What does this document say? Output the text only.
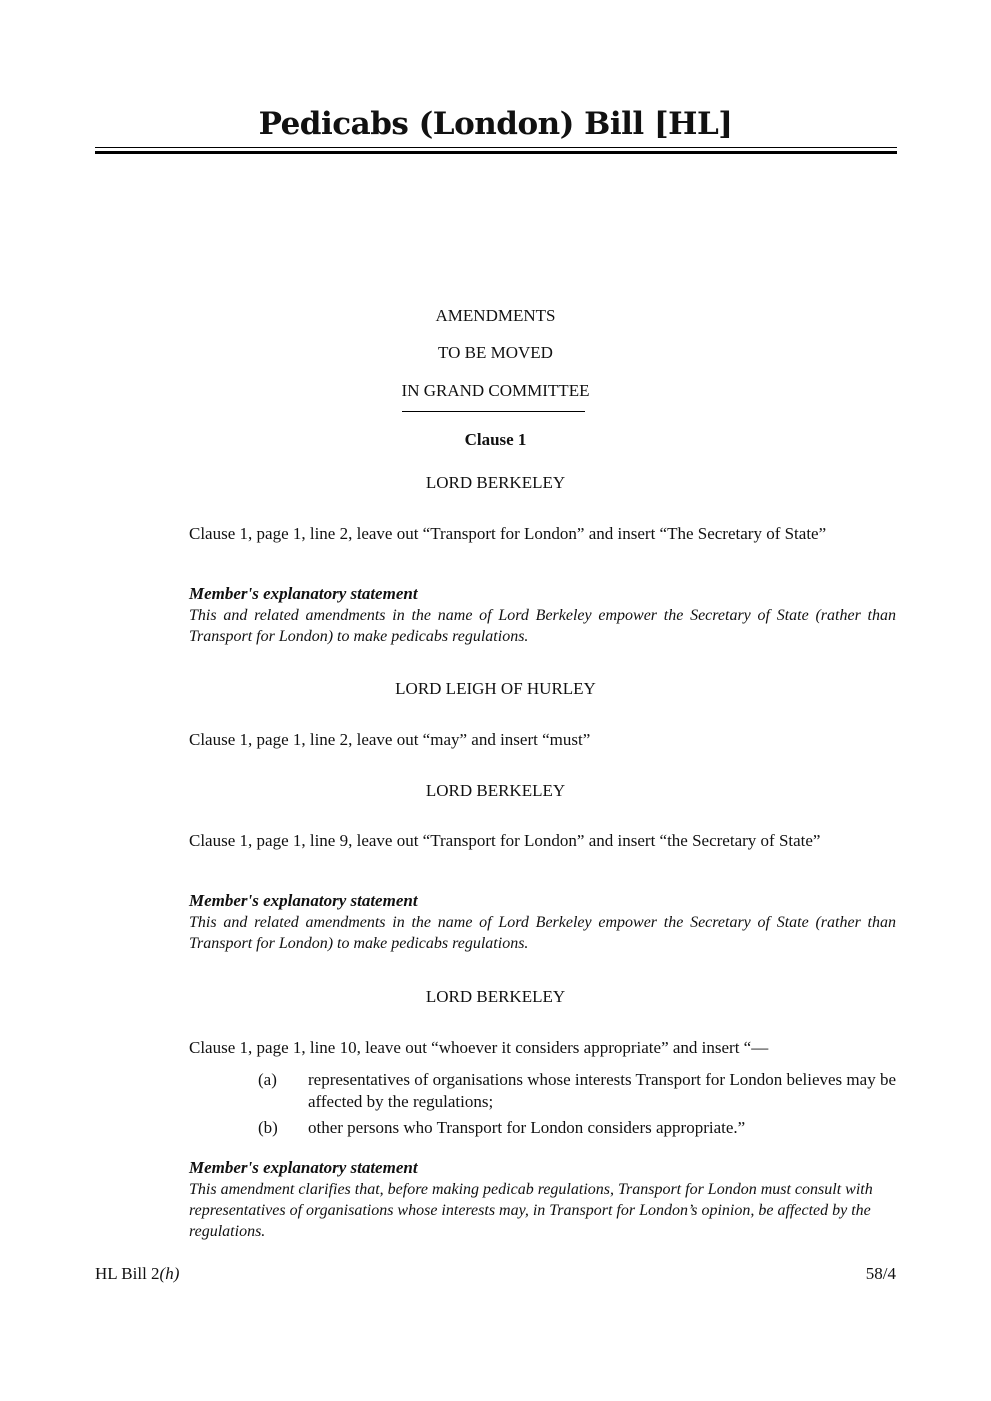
Pedicabs (London) Bill [HL]
AMENDMENTS
TO BE MOVED
IN GRAND COMMITTEE
Clause 1
LORD BERKELEY
Clause 1, page 1, line 2, leave out “Transport for London” and insert “The Secretary of State”
Member's explanatory statement
This and related amendments in the name of Lord Berkeley empower the Secretary of State (rather than Transport for London) to make pedicabs regulations.
LORD LEIGH OF HURLEY
Clause 1, page 1, line 2, leave out “may” and insert “must”
LORD BERKELEY
Clause 1, page 1, line 9, leave out “Transport for London” and insert “the Secretary of State”
Member's explanatory statement
This and related amendments in the name of Lord Berkeley empower the Secretary of State (rather than Transport for London) to make pedicabs regulations.
LORD BERKELEY
Clause 1, page 1, line 10, leave out “whoever it considers appropriate” and insert “—
(a) representatives of organisations whose interests Transport for London believes may be affected by the regulations;
(b) other persons who Transport for London considers appropriate.”
Member's explanatory statement
This amendment clarifies that, before making pedicab regulations, Transport for London must consult with representatives of organisations whose interests may, in Transport for London’s opinion, be affected by the regulations.
HL Bill 2(h)	58/4
